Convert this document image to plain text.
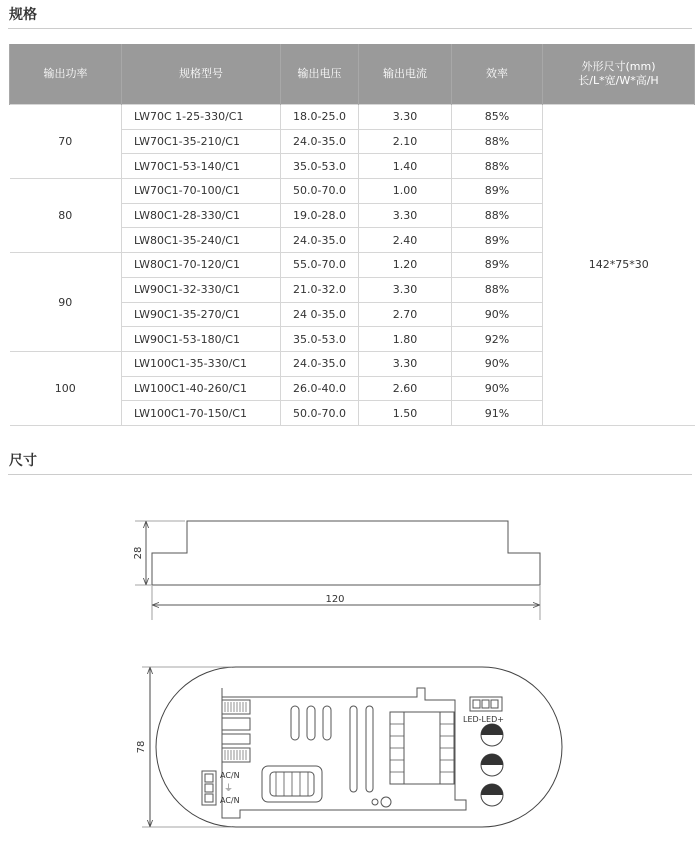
规格
输出功率	规格型号	输出电压	输出电流	效率	外形尺寸(mm)
长/L*宽/W*高/H
70	LW70C 1-25-330/C1	18.0-25.0	3.30	85%	142*75*30
	LW70C1-35-210/C1	24.0-35.0	2.10	88%	
	LW70C1-53-140/C1	35.0-53.0	1.40	88%	
80	LW70C1-70-100/C1	50.0-70.0	1.00	89%	
	LW80C1-28-330/C1	19.0-28.0	3.30	88%	
	LW80C1-35-240/C1	24.0-35.0	2.40	89%	
90	LW80C1-70-120/C1	55.0-70.0	1.20	89%	
	LW90C1-32-330/C1	21.0-32.0	3.30	88%	
	LW90C1-35-270/C1	24 0-35.0	2.70	90%	
	LW90C1-53-180/C1	35.0-53.0	1.80	92%	
100	LW100C1-35-330/C1	24.0-35.0	3.30	90%	
	LW100C1-40-260/C1	26.0-40.0	2.60	90%	
	LW100C1-70-150/C1	50.0-70.0	1.50	91%	
尺寸
28
120
78
LED-LED+
AC/N
⏚
AC/N
